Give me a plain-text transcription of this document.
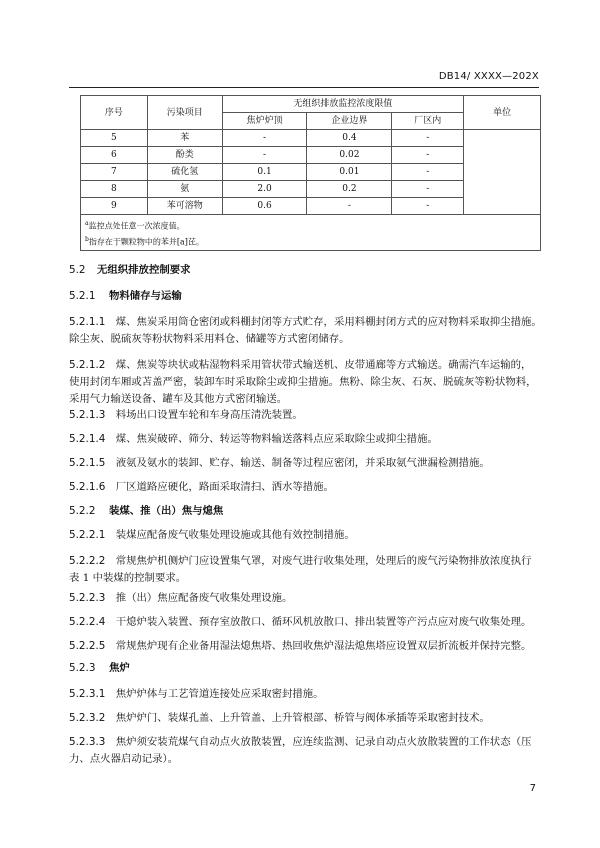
DB14/ XXXX—202X
序号	污染项目	无组织排放监控浓度限值			单位
		焦炉炉顶	企业边界	厂区内	
5	苯	-	0.4	-	
6	酚类	-	0.02	-	
7	硫化氢	0.1	0.01	-	
8	氨	2.0	0.2	-	
9	苯可溶物	0.6	-	-	

$^a$监控点处任意一次浓度值。
$^b$指存在于颗粒物中的苯并[a]芘。					
5.2 无组织排放控制要求
5.2.1 物料储存与运输
5.2.1.1  煤、焦炭采用筒仓密闭或料棚封闭等方式贮存，采用料棚封闭方式的应对物料采取抑尘措施。
除尘灰、脱硫灰等粉状物料采用料仓、储罐等方式密闭储存。
5.2.1.2  煤、焦炭等块状或粘湿物料采用管状带式输送机、皮带通廊等方式输送。确需汽车运输的，
使用封闭车厢或苫盖严密，装卸车时采取除尘或抑尘措施。焦粉、除尘灰、石灰、脱硫灰等粉状物料，
采用气力输送设备、罐车及其他方式密闭输送。
5.2.1.3  料场出口设置车轮和车身高压清洗装置。
5.2.1.4  煤、焦炭破碎、筛分、转运等物料输送落料点应采取除尘或抑尘措施。
5.2.1.5  液氨及氨水的装卸、贮存、输送、制备等过程应密闭，并采取氨气泄漏检测措施。
5.2.1.6  厂区道路应硬化，路面采取清扫、洒水等措施。
5.2.2 装煤、推（出）焦与熄焦
5.2.2.1  装煤应配备废气收集处理设施或其他有效控制措施。
5.2.2.2  常规焦炉机侧炉门应设置集气罩，对废气进行收集处理，处理后的废气污染物排放浓度执行
表 1 中装煤的控制要求。
5.2.2.3  推（出）焦应配备废气收集处理设施。
5.2.2.4  干熄炉装入装置、预存室放散口、循环风机放散口、排出装置等产污点应对废气收集处理。
5.2.2.5  常规焦炉现有企业备用湿法熄焦塔、热回收焦炉湿法熄焦塔应设置双层折流板并保持完整。
5.2.3 焦炉
5.2.3.1  焦炉炉体与工艺管道连接处应采取密封措施。
5.2.3.2  焦炉炉门、装煤孔盖、上升管盖、上升管根部、桥管与阀体承插等采取密封技术。
5.2.3.3  焦炉须安装荒煤气自动点火放散装置，应连续监测、记录自动点火放散装置的工作状态（压
力、点火器启动记录）。
7
